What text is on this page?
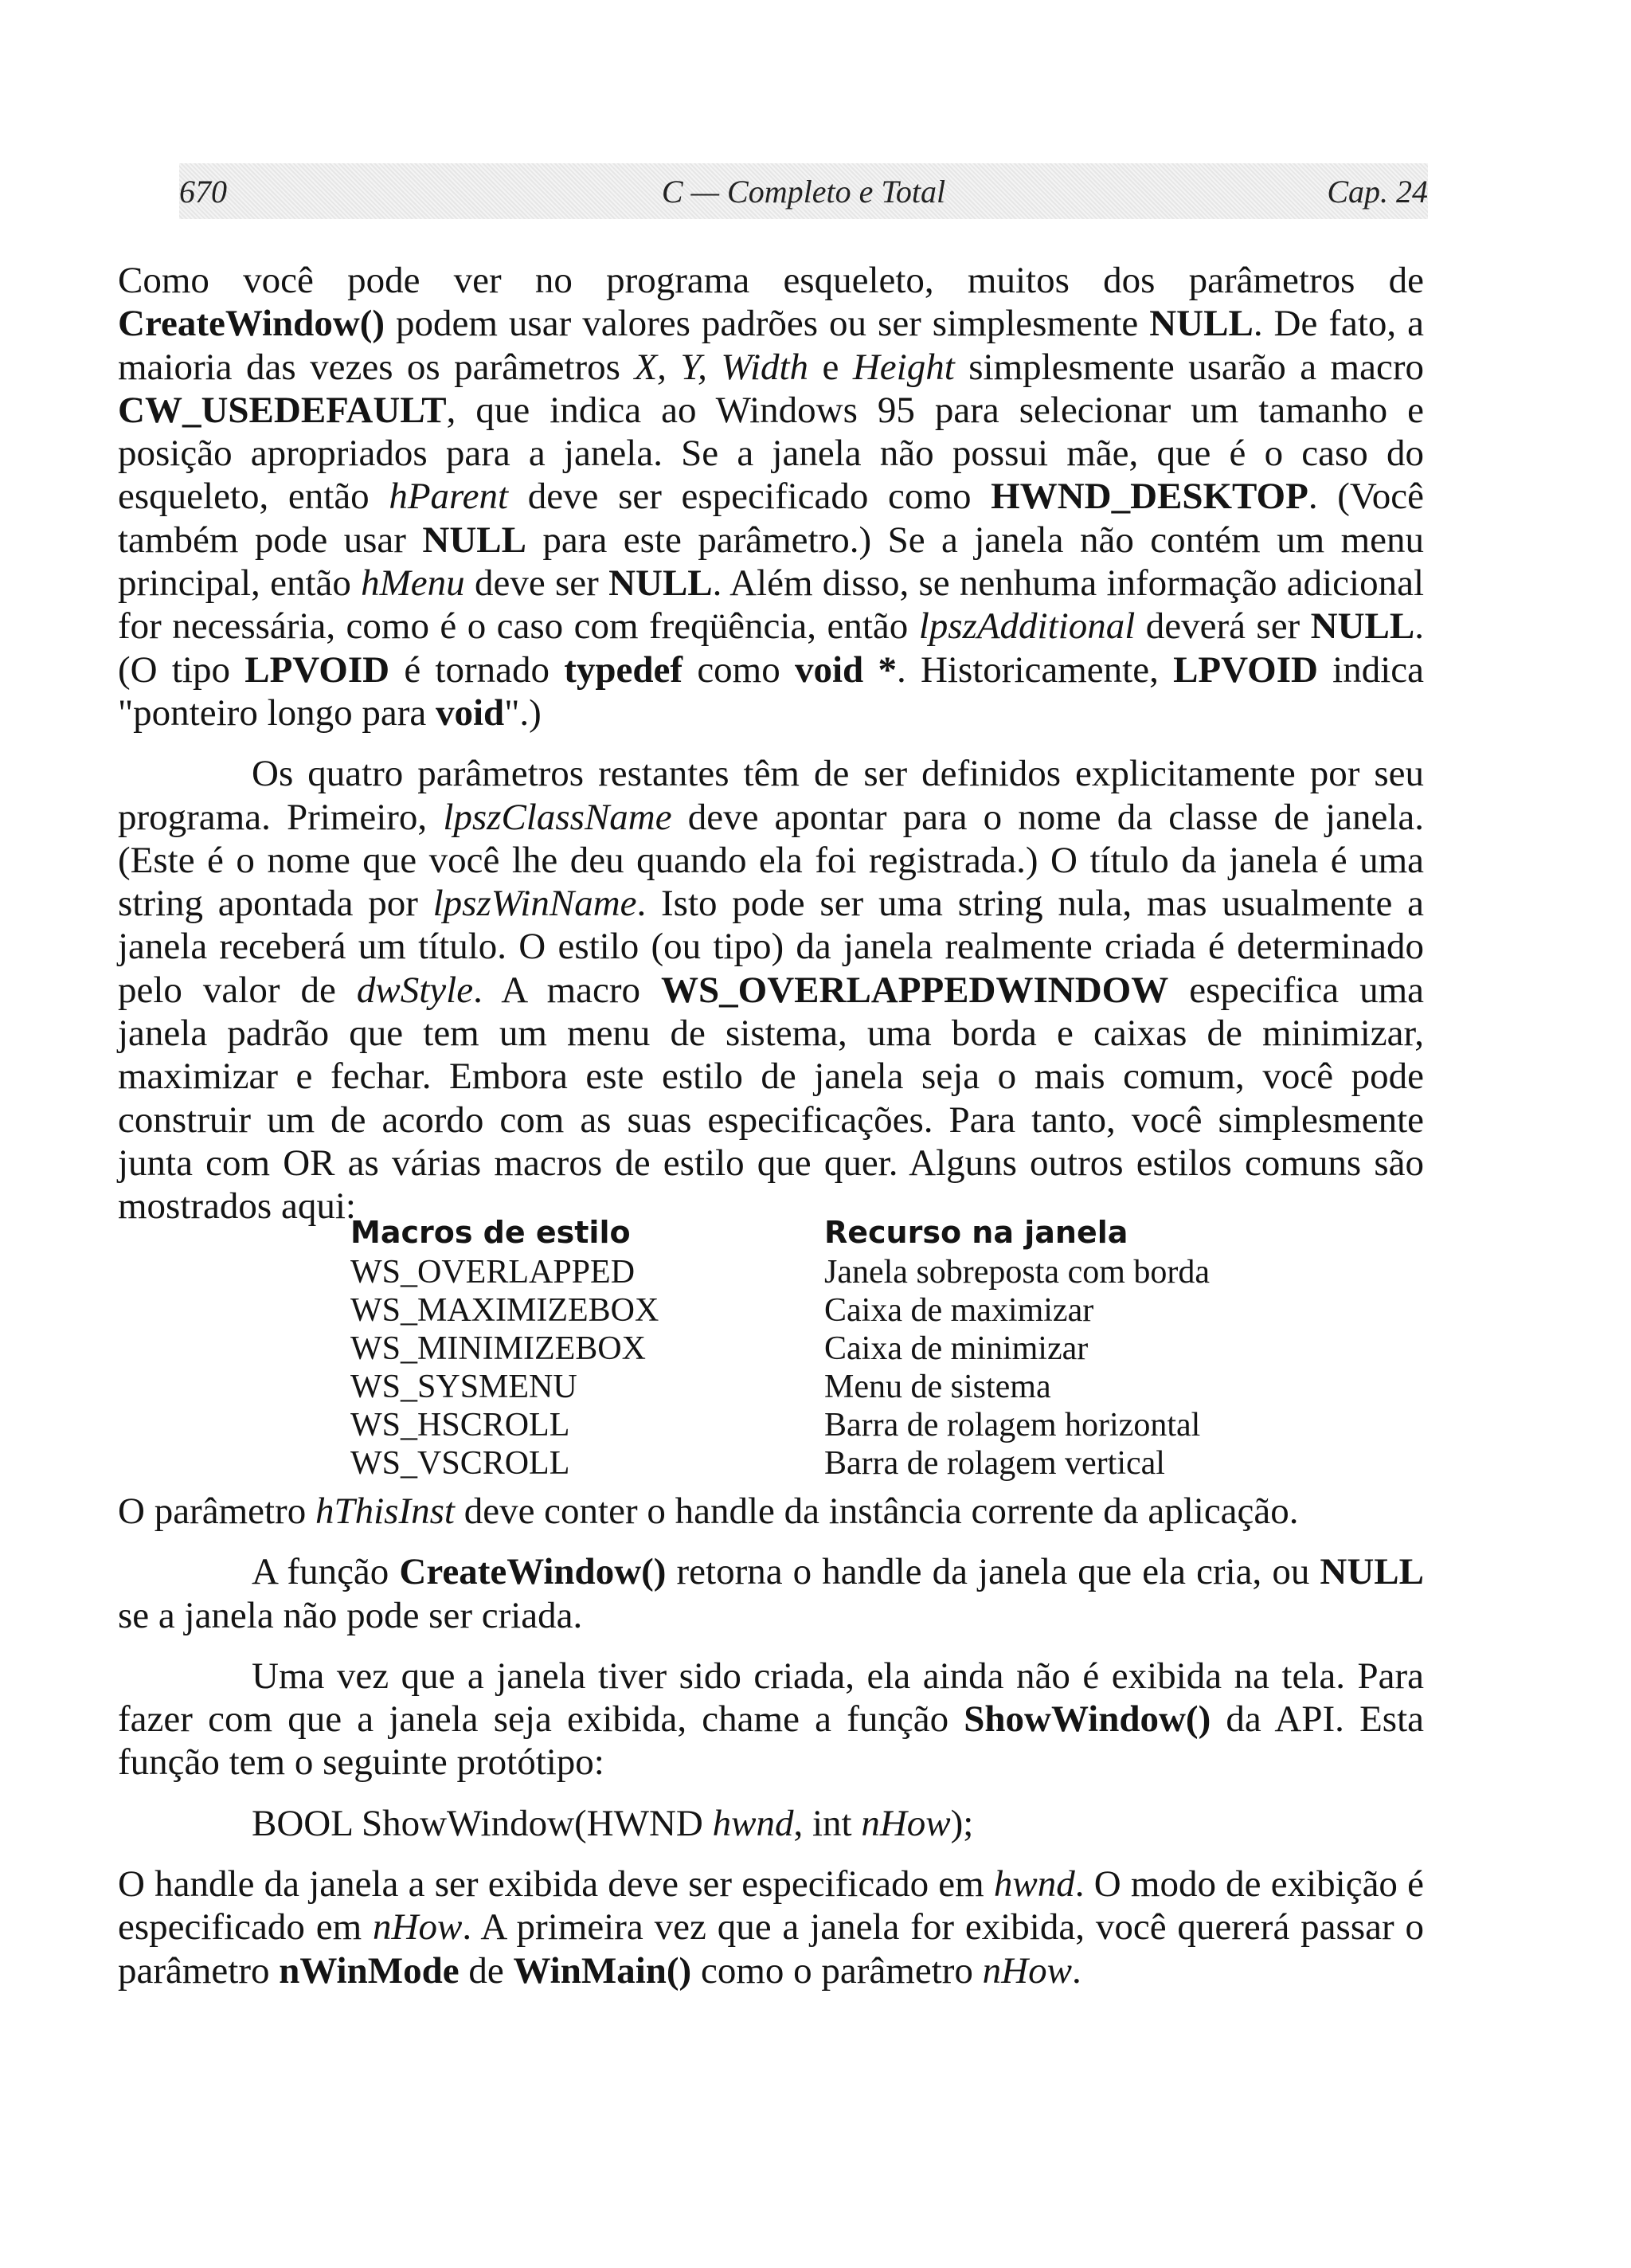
670	C — Completo e Total	Cap. 24

Como você pode ver no programa esqueleto, muitos dos parâmetros de CreateWindow() podem usar valores padrões ou ser simplesmente NULL. De fato, a maioria das vezes os parâmetros X, Y, Width e Height simplesmente usarão a macro CW_USEDEFAULT, que indica ao Windows 95 para selecionar um tamanho e posição apropriados para a janela. Se a janela não possui mãe, que é o caso do esqueleto, então hParent deve ser especificado como HWND_DESKTOP. (Você também pode usar NULL para este parâmetro.) Se a janela não contém um menu principal, então hMenu deve ser NULL. Além disso, se nenhuma informação adicional for necessária, como é o caso com freqüência, então lpszAdditional deverá ser NULL. (O tipo LPVOID é tornado typedef como void *. Historicamente, LPVOID indica "ponteiro longo para void".)

Os quatro parâmetros restantes têm de ser definidos explicitamente por seu programa. Primeiro, lpszClassName deve apontar para o nome da classe de janela. (Este é o nome que você lhe deu quando ela foi registrada.) O título da janela é uma string apontada por lpszWinName. Isto pode ser uma string nula, mas usualmente a janela receberá um título. O estilo (ou tipo) da janela realmente criada é determinado pelo valor de dwStyle. A macro WS_OVERLAPPEDWINDOW especifica uma janela padrão que tem um menu de sistema, uma borda e caixas de minimizar, maximizar e fechar. Embora este estilo de janela seja o mais comum, você pode construir um de acordo com as suas especificações. Para tanto, você simplesmente junta com OR as várias macros de estilo que quer. Alguns outros estilos comuns são mostrados aqui:

Macros de estilo	Recurso na janela
WS_OVERLAPPED	Janela sobreposta com borda
WS_MAXIMIZEBOX	Caixa de maximizar
WS_MINIMIZEBOX	Caixa de minimizar
WS_SYSMENU	Menu de sistema
WS_HSCROLL	Barra de rolagem horizontal
WS_VSCROLL	Barra de rolagem vertical

O parâmetro hThisInst deve conter o handle da instância corrente da aplicação.

A função CreateWindow() retorna o handle da janela que ela cria, ou NULL se a janela não pode ser criada.

Uma vez que a janela tiver sido criada, ela ainda não é exibida na tela. Para fazer com que a janela seja exibida, chame a função ShowWindow() da API. Esta função tem o seguinte protótipo:

BOOL ShowWindow(HWND hwnd, int nHow);

O handle da janela a ser exibida deve ser especificado em hwnd. O modo de exibição é especificado em nHow. A primeira vez que a janela for exibida, você quererá passar o parâmetro nWinMode de WinMain() como o parâmetro nHow.
